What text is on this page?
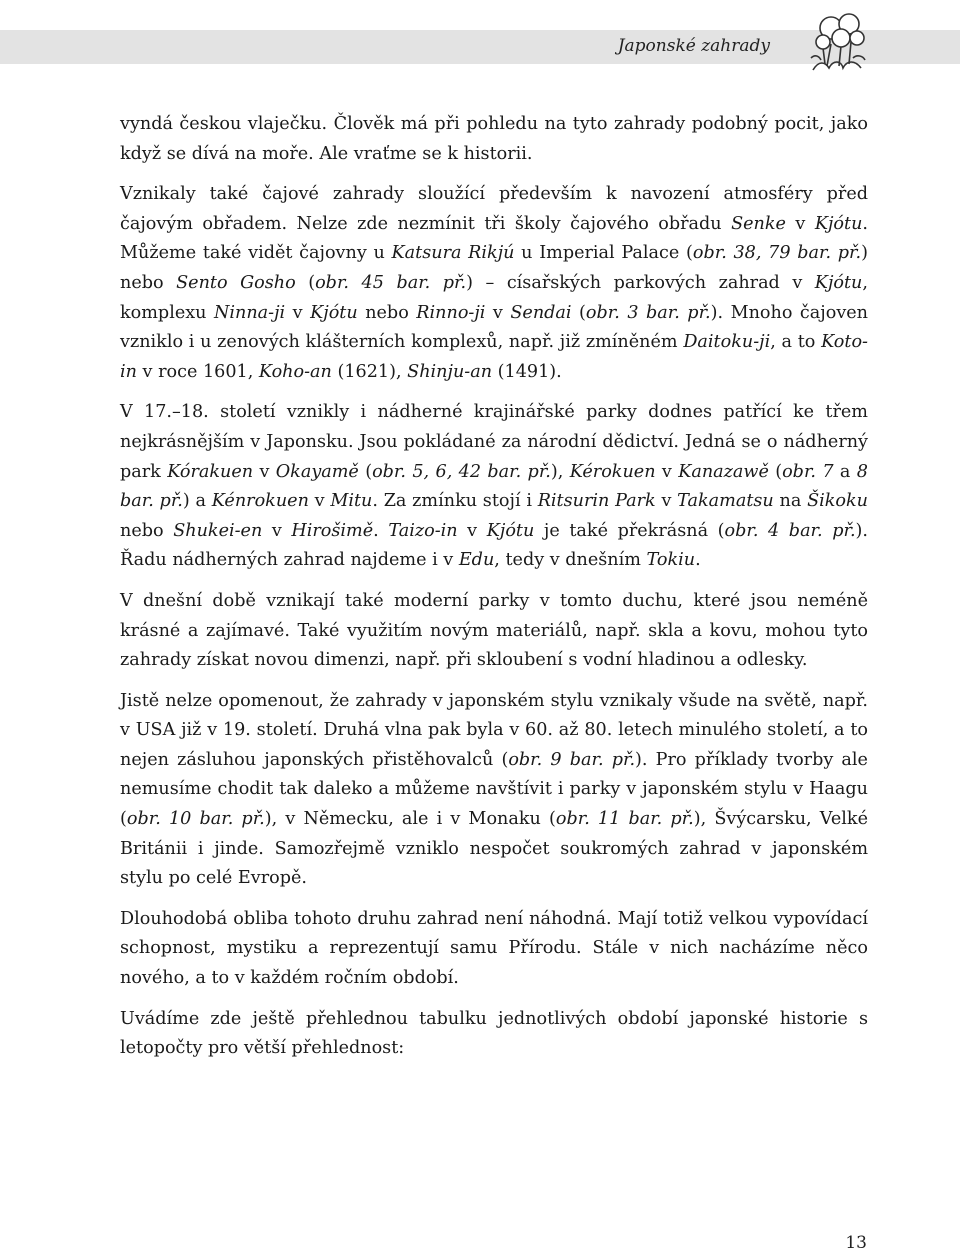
Japonské zahrady

vyndá českou vlaječku. Člověk má při pohledu na tyto zahrady podobný pocit, jako když se dívá na moře. Ale vraťme se k historii.

Vznikaly také čajové zahrady sloužící především k navození atmosféry před čajovým obřadem. Nelze zde nezmínit tři školy čajového obřadu Senke v Kjótu. Můžeme také vidět čajovny u Katsura Rikjú u Imperial Palace (obr. 38, 79 bar. př.) nebo Sento Gosho (obr. 45 bar. př.) – císařských parkových zahrad v Kjótu, komplexu Ninna-ji v Kjótu nebo Rinno-ji v Sendai (obr. 3 bar. př.). Mnoho čajoven vzniklo i u zenových klášterních komplexů, např. již zmíněném Daitoku-ji, a to Koto-in v roce 1601, Koho-an (1621), Shinju-an (1491).

V 17.–18. století vznikly i nádherné krajinářské parky dodnes patřící ke třem nejkrásnějším v Japonsku. Jsou pokládané za národní dědictví. Jedná se o nádherný park Kórakuen v Okayamě (obr. 5, 6, 42 bar. př.), Kérokuen v Kanazawě (obr. 7 a 8 bar. př.) a Kénrokuen v Mitu. Za zmínku stojí i Ritsurin Park v Takamatsu na Šikoku nebo Shukei-en v Hirošimě. Taizo-in v Kjótu je také překrásná (obr. 4 bar. př.). Řadu nádherných zahrad najdeme i v Edu, tedy v dnešním Tokiu.

V dnešní době vznikají také moderní parky v tomto duchu, které jsou neméně krásné a zajímavé. Také využitím novým materiálů, např. skla a kovu, mohou tyto zahrady získat novou dimenzi, např. při skloubení s vodní hladinou a odlesky.

Jistě nelze opomenout, že zahrady v japonském stylu vznikaly všude na světě, např. v USA již v 19. století. Druhá vlna pak byla v 60. až 80. letech minulého století, a to nejen zásluhou japonských přistěhovalců (obr. 9 bar. př.). Pro příklady tvorby ale nemusíme chodit tak daleko a můžeme navštívit i parky v japonském stylu v Haagu (obr. 10 bar. př.), v Německu, ale i v Monaku (obr. 11 bar. př.), Švýcarsku, Velké Británii i jinde. Samozřejmě vzniklo nespočet soukromých zahrad v japonském stylu po celé Evropě.

Dlouhodobá obliba tohoto druhu zahrad není náhodná. Mají totiž velkou vypovídací schopnost, mystiku a reprezentují samu Přírodu. Stále v nich nacházíme něco nového, a to v každém ročním období.

Uvádíme zde ještě přehlednou tabulku jednotlivých období japonské historie s letopočty pro větší přehlednost:

13
